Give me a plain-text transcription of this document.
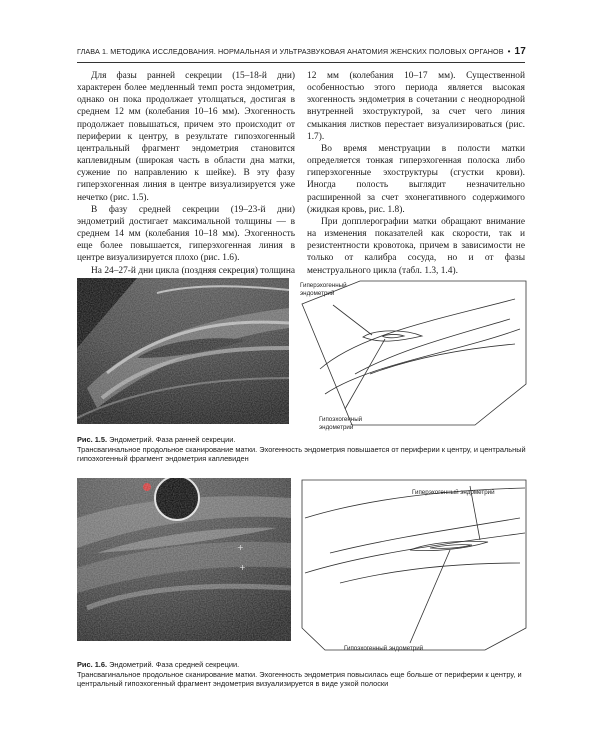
ГЛАВА 1. МЕТОДИКА ИССЛЕДОВАНИЯ. НОРМАЛЬНАЯ И УЛЬТРАЗВУКОВАЯ АНАТОМИЯ ЖЕНСКИХ ПОЛОВЫХ ОРГАНОВ • 17

Для фазы ранней секреции (15–18-й дни) характерен более медленный темп роста эндометрия, однако он пока продолжает утолщаться, достигая в среднем 12 мм (колебания 10–16 мм). Эхогенность продолжает повышаться, причем это происходит от периферии к центру, в результате гипоэхогенный центральный фрагмент эндометрия становится каплевидным (широкая часть в области дна матки, сужение по направлению к шейке). В эту фазу гиперэхогенная линия в центре визуализируется уже нечетко (рис. 1.5).

В фазу средней секреции (19–23-й дни) эндометрий достигает максимальной толщины — в среднем 14 мм (колебания 10–18 мм). Эхогенность еще более повышается, гиперэхогенная линия в центре визуализируется плохо (рис. 1.6).

На 24–27-й дни цикла (поздняя секреция) толщина

12 мм (колебания 10–17 мм). Существенной особенностью этого периода является высокая эхогенность эндометрия в сочетании с неоднородной внутренней эхоструктурой, за счет чего линия смыкания листков перестает визуализироваться (рис. 1.7).

Во время менструации в полости матки определяется тонкая гиперэхогенная полоска либо гиперэхогенные эхоструктуры (сгустки крови). Иногда полость выглядит незначительно расширенной за счет эхонегативного содержимого (жидкая кровь, рис. 1.8).

При допплерографии матки обращают внимание на изменения показателей как скорости, так и резистентности кровотока, причем в зависимости не только от калибра сосуда, но и от фазы менструального цикла (табл. 1.3, 1.4).

Гиперэхогенный
эндометрий
Гипоэхогенный
эндометрий
Рис. 1.5. Эндометрий. Фаза ранней секреции.
Трансвагинальное продольное сканирование матки. Эхогенность эндометрия повышается от периферии к центру, и центральный гипоэхогенный фрагмент эндометрия каплевиден
Гиперэхогенный эндометрий
Гипоэхогенный эндометрий
Рис. 1.6. Эндометрий. Фаза средней секреции.
Трансвагинальное продольное сканирование матки. Эхогенность эндометрия повысилась еще больше от периферии к центру, и центральный гипоэхогенный фрагмент эндометрия визуализируется в виде узкой полоски
